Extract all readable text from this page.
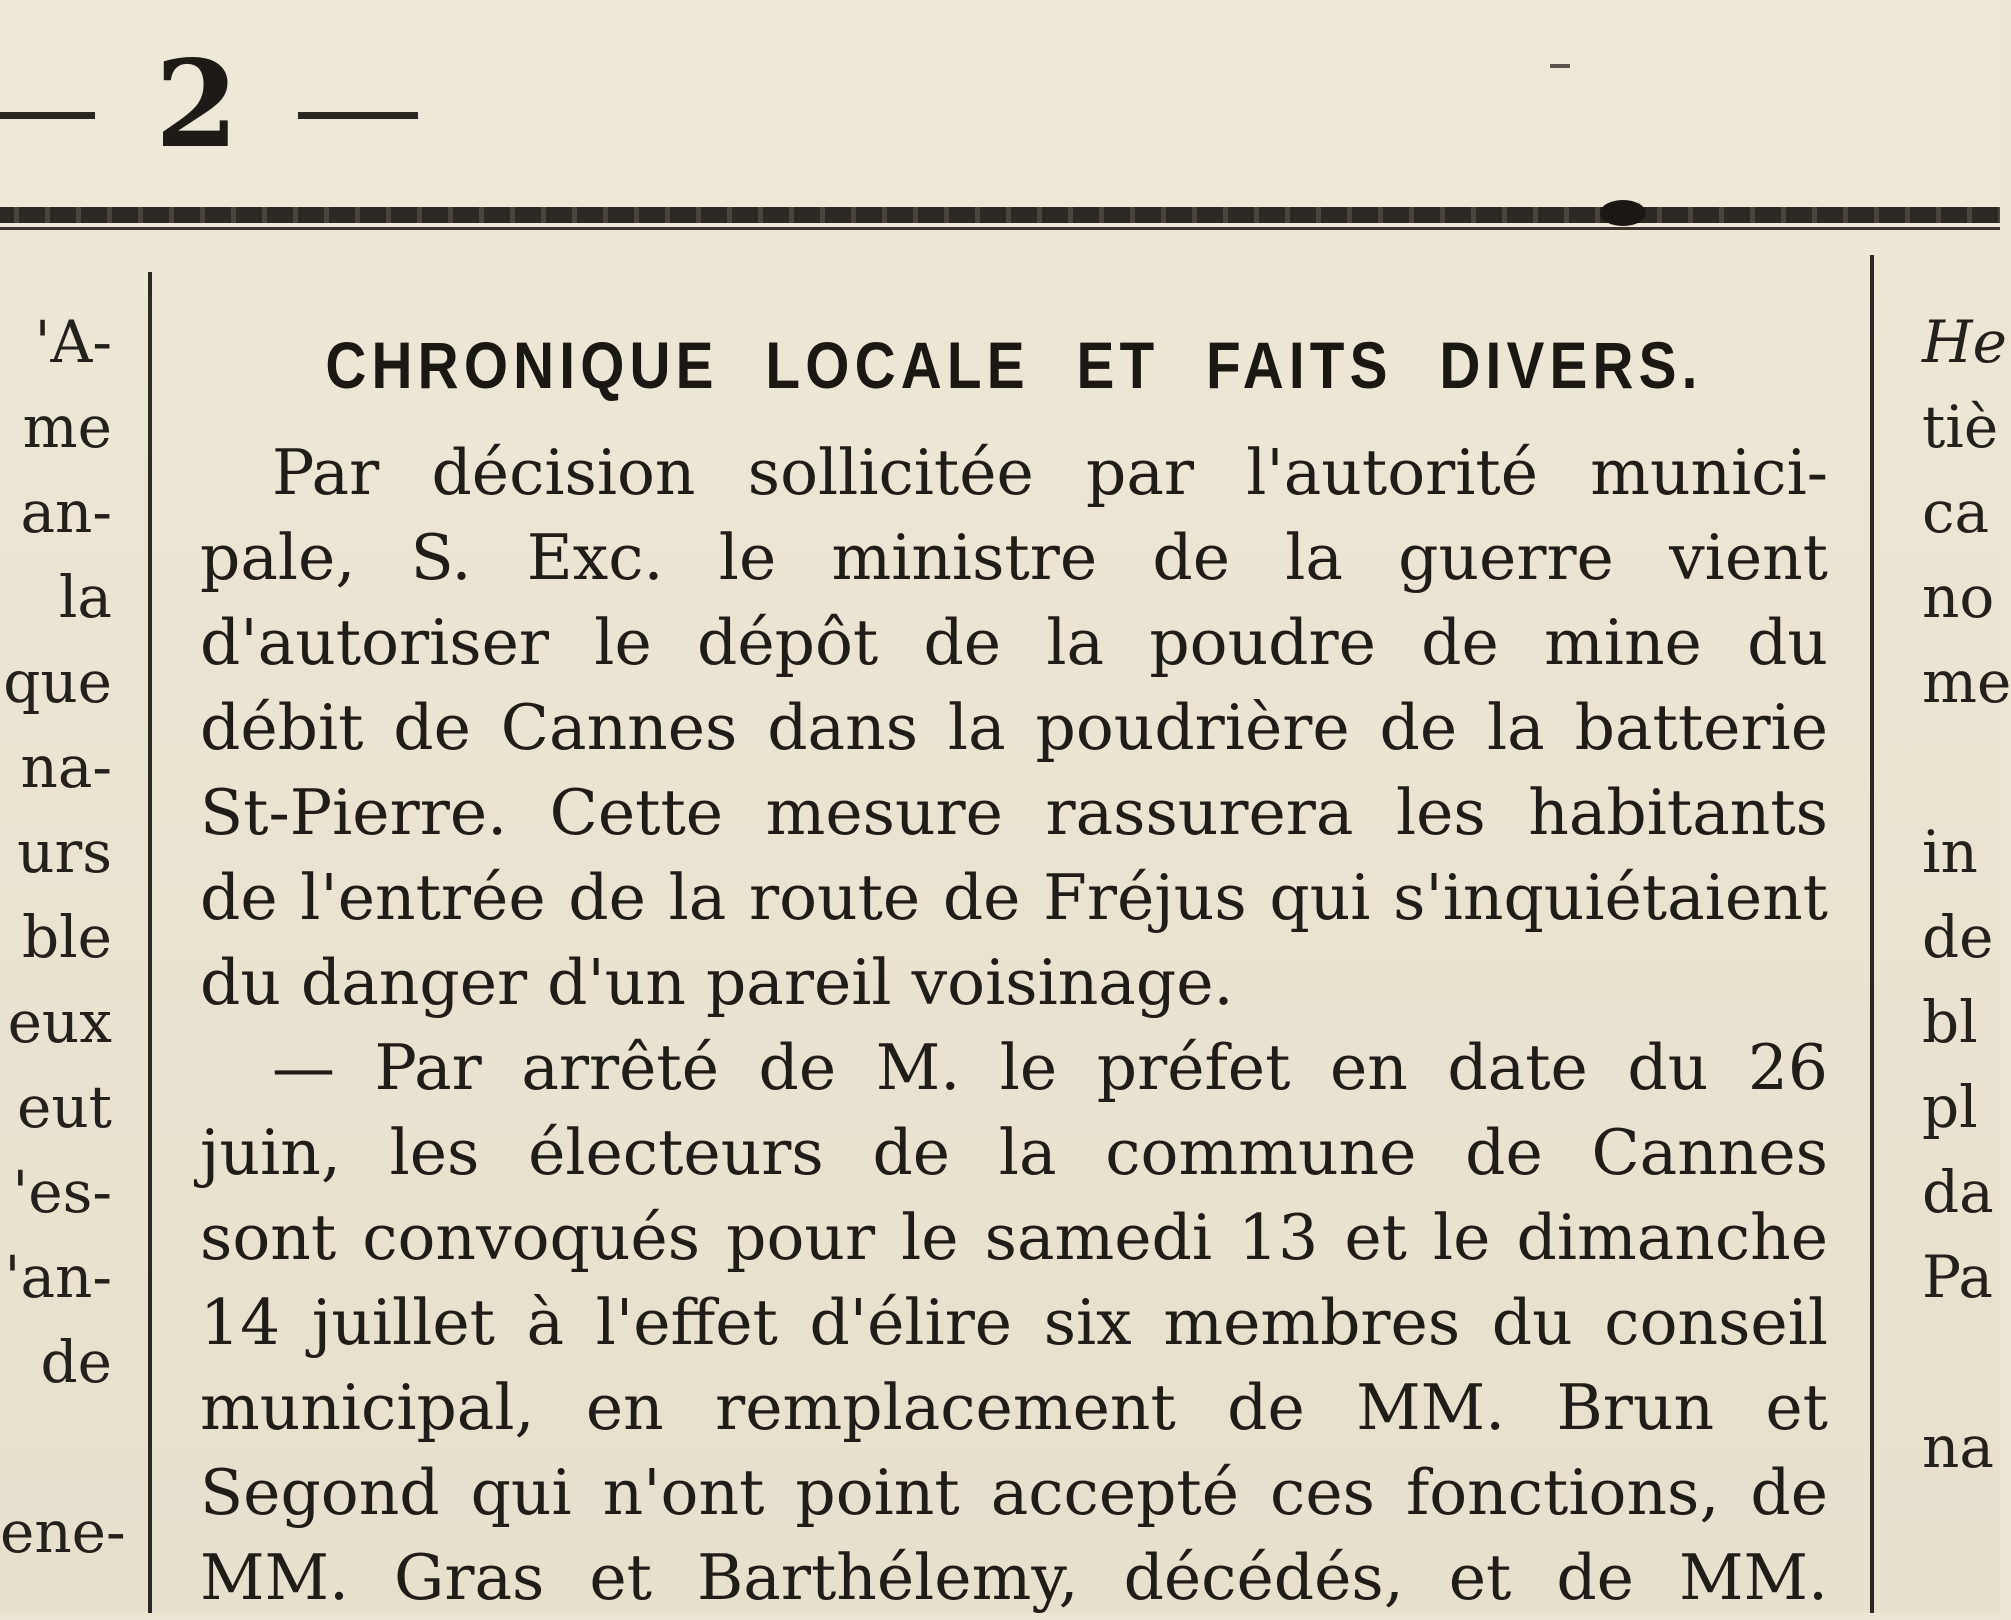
2
'A-
me
an-
la
que
na-
urs
ble
eux
eut
'es-
'an-
de
ene-
CHRONIQUE LOCALE ET FAITS DIVERS.
Par décision sollicitée par l'autorité munici-
pale, S. Exc. le ministre de la guerre vient
d'autoriser le dépôt de la poudre de mine du
débit de Cannes dans la poudrière de la batterie
St-Pierre. Cette mesure rassurera les habitants
de l'entrée de la route de Fréjus qui s'inquiétaient
du danger d'un pareil voisinage.
— Par arrêté de M. le préfet en date du 26
juin, les électeurs de la commune de Cannes
sont convoqués pour le samedi 13 et le dimanche
14 juillet à l'effet d'élire six membres du conseil
municipal, en remplacement de MM. Brun et
Segond qui n'ont point accepté ces fonctions, de
MM. Gras et Barthélemy, décédés, et de MM.
He
tiè
ca
no
me
in
de
bl
pl
da
Pa
na
